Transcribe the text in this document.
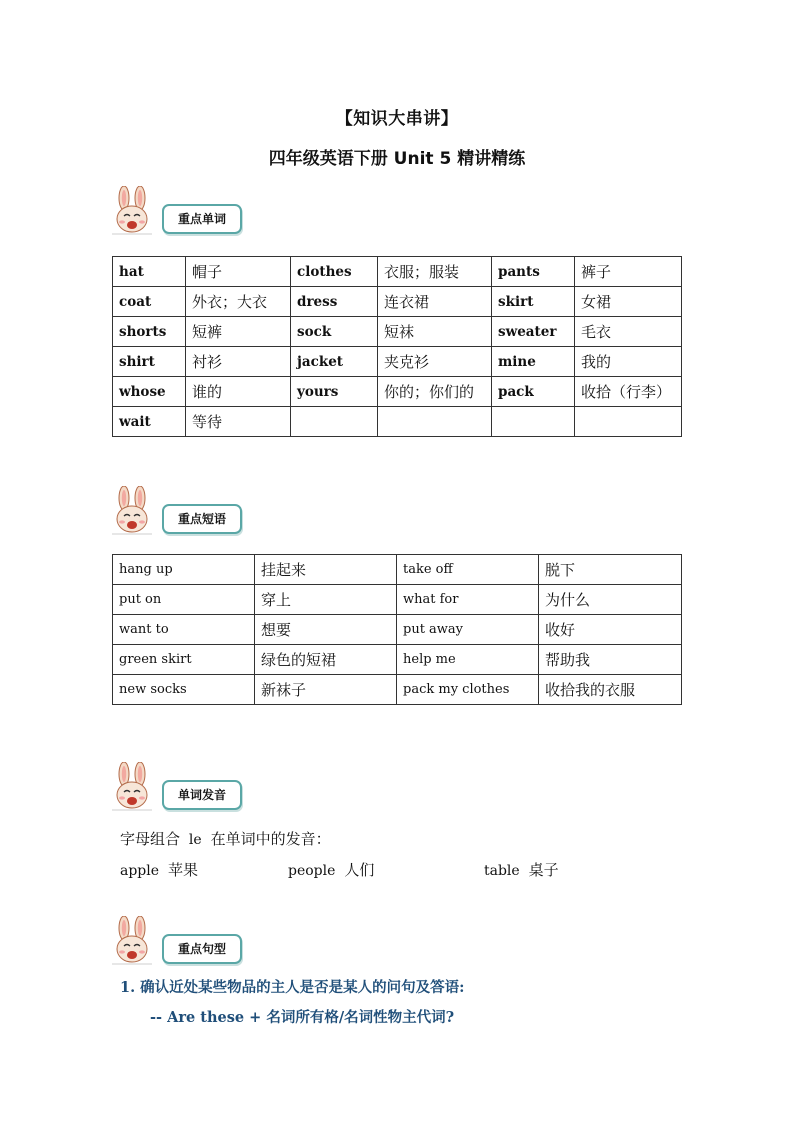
【知识大串讲】
四年级英语下册 Unit 5 精讲精练
重点单词
hat	帽子	clothes	衣服；服装	pants	裤子
coat	外衣；大衣	dress	连衣裙	skirt	女裙
shorts	短裤	sock	短袜	sweater	毛衣
shirt	衬衫	jacket	夹克衫	mine	我的
whose	谁的	yours	你的；你们的	pack	收拾（行李）
wait	等待				
重点短语
hang up	挂起来	take off	脱下
put on	穿上	what for	为什么
want to	想要	put away	收好
green skirt	绿色的短裙	help me	帮助我
new socks	新袜子	pack my clothes	收拾我的衣服
单词发音
字母组合 le 在单词中的发音：
apple 苹果	people 人们	table 桌子
重点句型
1. 确认近处某些物品的主人是否是某人的问句及答语:
-- Are these + 名词所有格/名词性物主代词?
